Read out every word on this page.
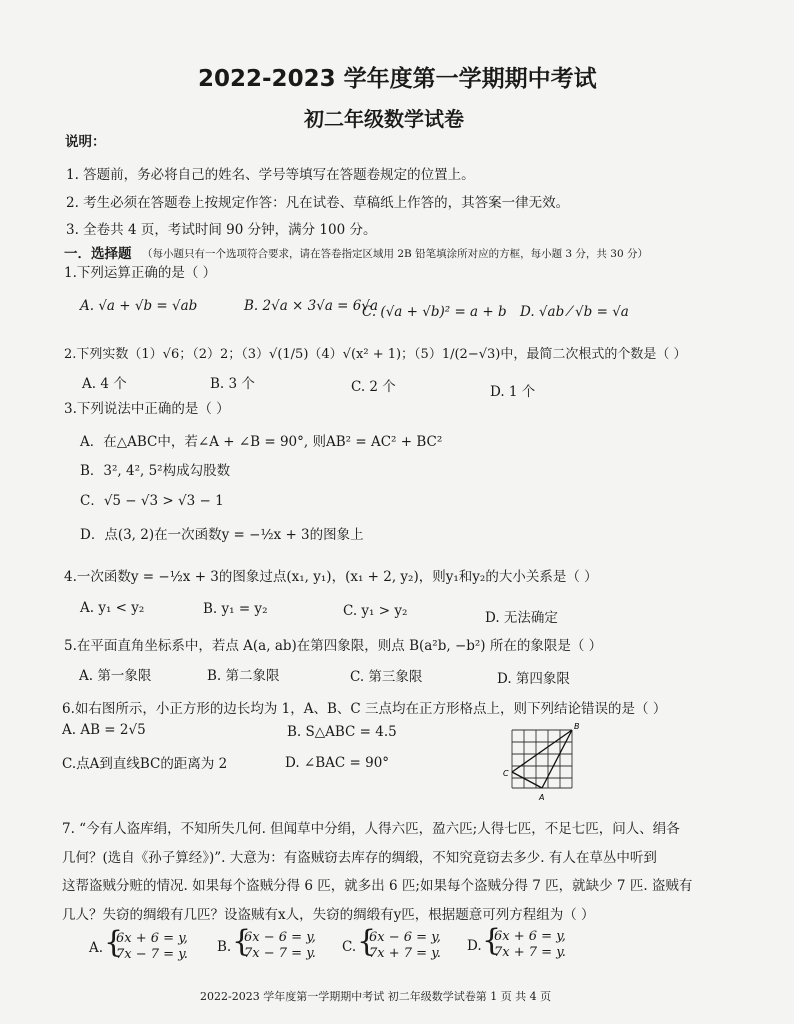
2022-2023 学年度第一学期期中考试
初二年级数学试卷
说明：
1. 答题前，务必将自己的姓名、学号等填写在答题卷规定的位置上。
2. 考生必须在答题卷上按规定作答：凡在试卷、草稿纸上作答的，其答案一律无效。
3. 全卷共 4 页，考试时间 90 分钟，满分 100 分。
一．选择题 （每小题只有一个选项符合要求，请在答卷指定区域用 2B 铅笔填涂所对应的方框，每小题 3 分，共 30 分）
1.下列运算正确的是（ ）
A. √a + √b = √ab	B. 2√a × 3√a = 6√a
C. (√a + √b)² = a + b D. √ab ⁄ √b = √a
2.下列实数（1）√6；（2）2；（3）√(1/5)（4）√(x² + 1)；（5）1/(2−√3)中，最简二次根式的个数是（ ）
A. 4 个	B. 3 个	C. 2 个	D. 1 个
3.下列说法中正确的是（ ）
A．在△ABC中，若∠A + ∠B = 90°, 则AB² = AC² + BC²
B．3², 4², 5²构成勾股数
C．√5 − √3 > √3 − 1
D．点(3, 2)在一次函数y = −½x + 3的图象上
4.一次函数y = −½x + 3的图象过点(x₁, y₁)，(x₁ + 2, y₂)，则y₁和y₂的大小关系是（ ）
A. y₁ < y₂	B. y₁ = y₂	C. y₁ > y₂	D. 无法确定
5.在平面直角坐标系中，若点 A(a, ab)在第四象限，则点 B(a²b, −b²) 所在的象限是（ ）
A. 第一象限	B. 第二象限	C. 第三象限	D. 第四象限
6.如右图所示，小正方形的边长均为 1，A、B、C 三点均在正方形格点上，则下列结论错误的是（ ）
A. AB = 2√5	B. S△ABC = 4.5
C.点A到直线BC的距离为 2	D. ∠BAC = 90°
B
C
A
7. “今有人盗库绢，不知所失几何. 但闻草中分绢，人得六匹，盈六匹;人得七匹，不足七匹，问人、绢各
几何？(选自《孙子算经》)”. 大意为：有盗贼窃去库存的绸缎，不知究竟窃去多少. 有人在草丛中听到
这帮盗贼分赃的情况. 如果每个盗贼分得 6 匹，就多出 6 匹;如果每个盗贼分得 7 匹，就缺少 7 匹. 盗贼有
几人？失窃的绸缎有几匹？设盗贼有x人，失窃的绸缎有y匹，根据题意可列方程组为（ ）
A. {
6x + 6 = y,
7x − 7 = y. B. {
6x − 6 = y,
7x − 7 = y. C. {
6x − 6 = y,
7x + 7 = y. D. {
6x + 6 = y,
7x + 7 = y.
2022-2023 学年度第一学期期中考试 初二年级数学试卷第 1 页 共 4 页
